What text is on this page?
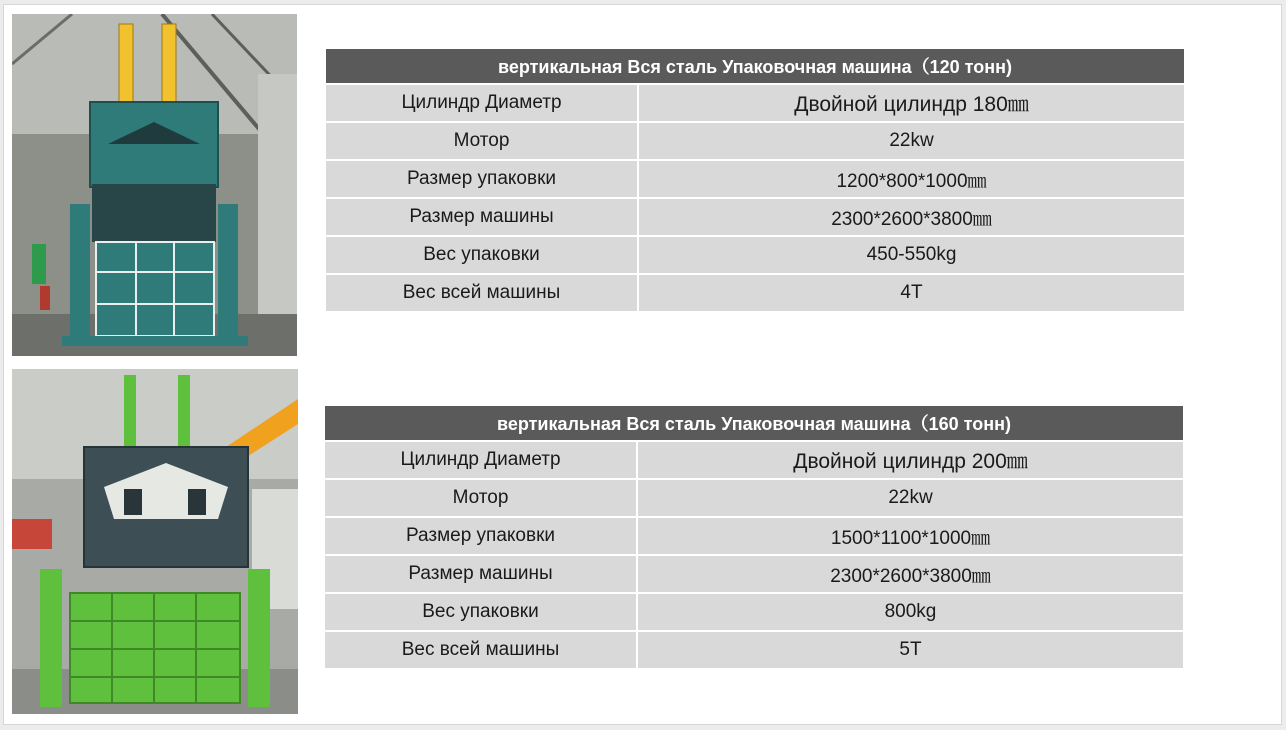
вертикальная Вся сталь Упаковочная машина（120 тонн)	
Цилиндр Диаметр	Двойной цилиндр 180㎜
Мотор	22kw
Размер упаковки	1200*800*1000㎜
Размер машины	2300*2600*3800㎜
Вес упаковки	450-550kg
Вес всей машины	4T
вертикальная Вся сталь Упаковочная машина（160 тонн)	
Цилиндр Диаметр	Двойной цилиндр 200㎜
Мотор	22kw
Размер упаковки	1500*1100*1000㎜
Размер машины	2300*2600*3800㎜
Вес упаковки	800kg
Вес всей машины	5T
